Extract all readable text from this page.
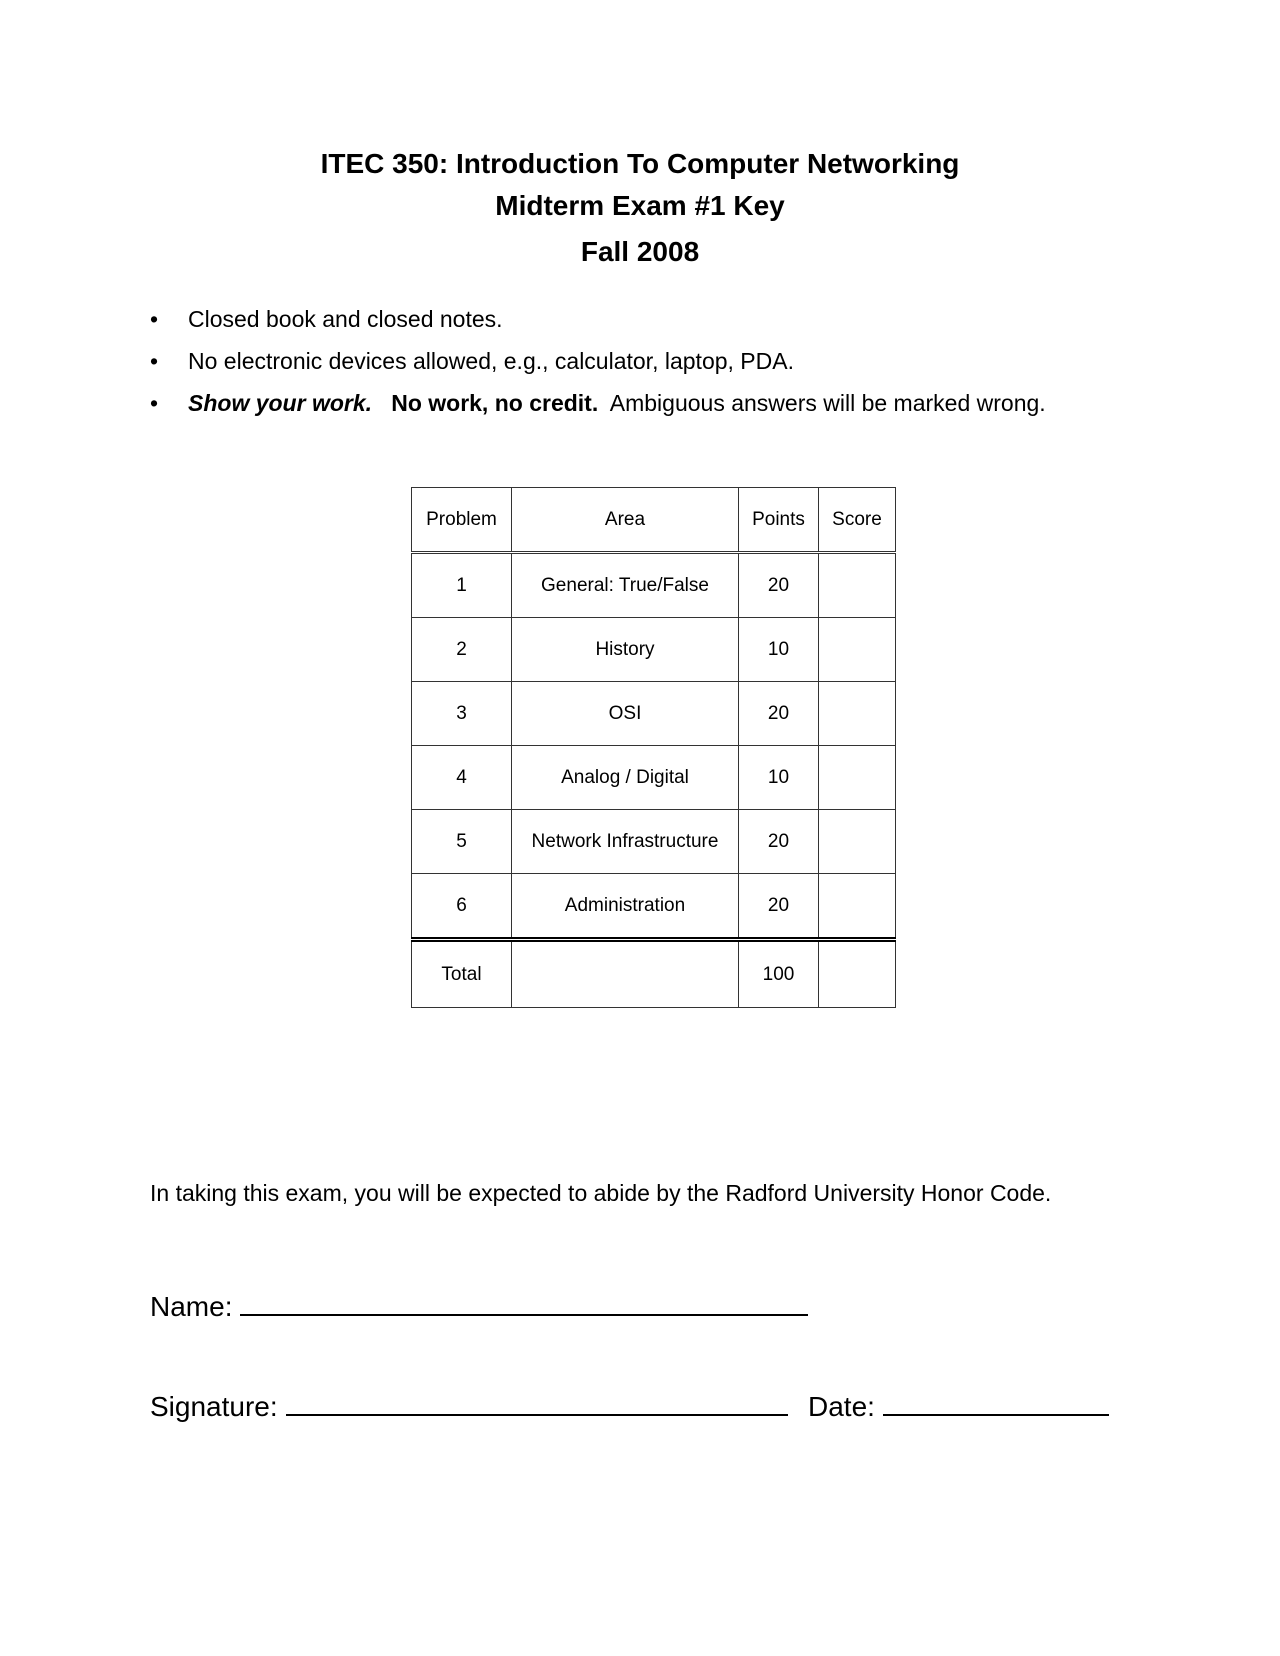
ITEC 350: Introduction To Computer Networking
Midterm Exam #1 Key
Fall 2008
• Closed book and closed notes.
• No electronic devices allowed, e.g., calculator, laptop, PDA.
• Show your work. No work, no credit. Ambiguous answers will be marked wrong.
Problem	Area	Points	Score
1	General: True/False	20	
2	History	10	
3	OSI	20	
4	Analog / Digital	10	
5	Network Infrastructure	20	
6	Administration	20	
Total		100	
In taking this exam, you will be expected to abide by the Radford University Honor Code.
Name:
Signature:	Date:
